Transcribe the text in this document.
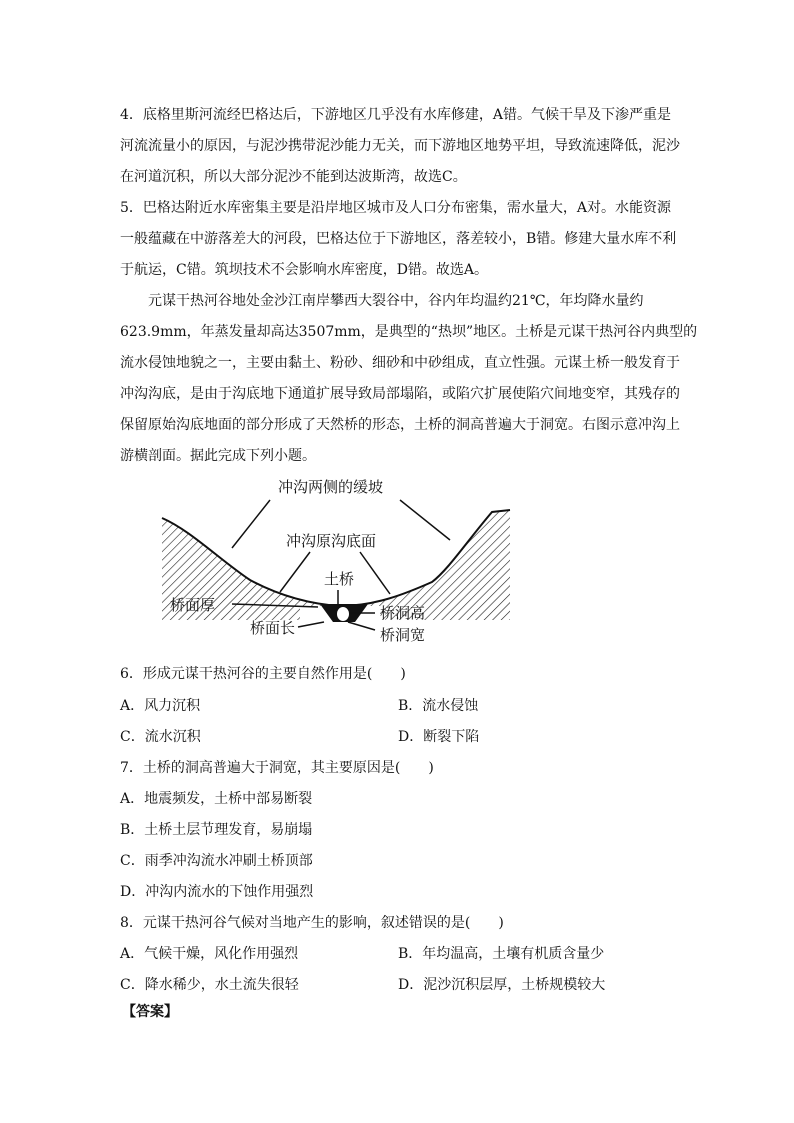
4．底格里斯河流经巴格达后，下游地区几乎没有水库修建，A错。气候干旱及下渗严重是

河流流量小的原因，与泥沙携带泥沙能力无关，而下游地区地势平坦，导致流速降低，泥沙

在河道沉积，所以大部分泥沙不能到达波斯湾，故选C。

5．巴格达附近水库密集主要是沿岸地区城市及人口分布密集，需水量大，A对。水能资源

一般蕴藏在中游落差大的河段，巴格达位于下游地区，落差较小，B错。修建大量水库不利

于航运，C错。筑坝技术不会影响水库密度，D错。故选A。

元谋干热河谷地处金沙江南岸攀西大裂谷中，谷内年均温约21℃，年均降水量约

623.9mm，年蒸发量却高达3507mm，是典型的“热坝”地区。土桥是元谋干热河谷内典型的

流水侵蚀地貌之一，主要由黏土、粉砂、细砂和中砂组成，直立性强。元谋土桥一般发育于

冲沟沟底，是由于沟底地下通道扩展导致局部塌陷，或陷穴扩展使陷穴间地变窄，其残存的

保留原始沟底地面的部分形成了天然桥的形态，土桥的洞高普遍大于洞宽。右图示意冲沟上

游横剖面。据此完成下列小题。

冲沟两侧的缓坡
冲沟原沟底面
土桥
桥面厚
桥面长
桥洞高
桥洞宽

6．形成元谋干热河谷的主要自然作用是(　　)

A．风力沉积	B．流水侵蚀

C．流水沉积	D．断裂下陷

7．土桥的洞高普遍大于洞宽，其主要原因是(　　)

A．地震频发，土桥中部易断裂

B．土桥土层节理发育，易崩塌

C．雨季冲沟流水冲刷土桥顶部

D．冲沟内流水的下蚀作用强烈

8．元谋干热河谷气候对当地产生的影响，叙述错误的是(　　)

A．气候干燥，风化作用强烈	B．年均温高，土壤有机质含量少

C．降水稀少，水土流失很轻	D．泥沙沉积层厚，土桥规模较大

【答案】
